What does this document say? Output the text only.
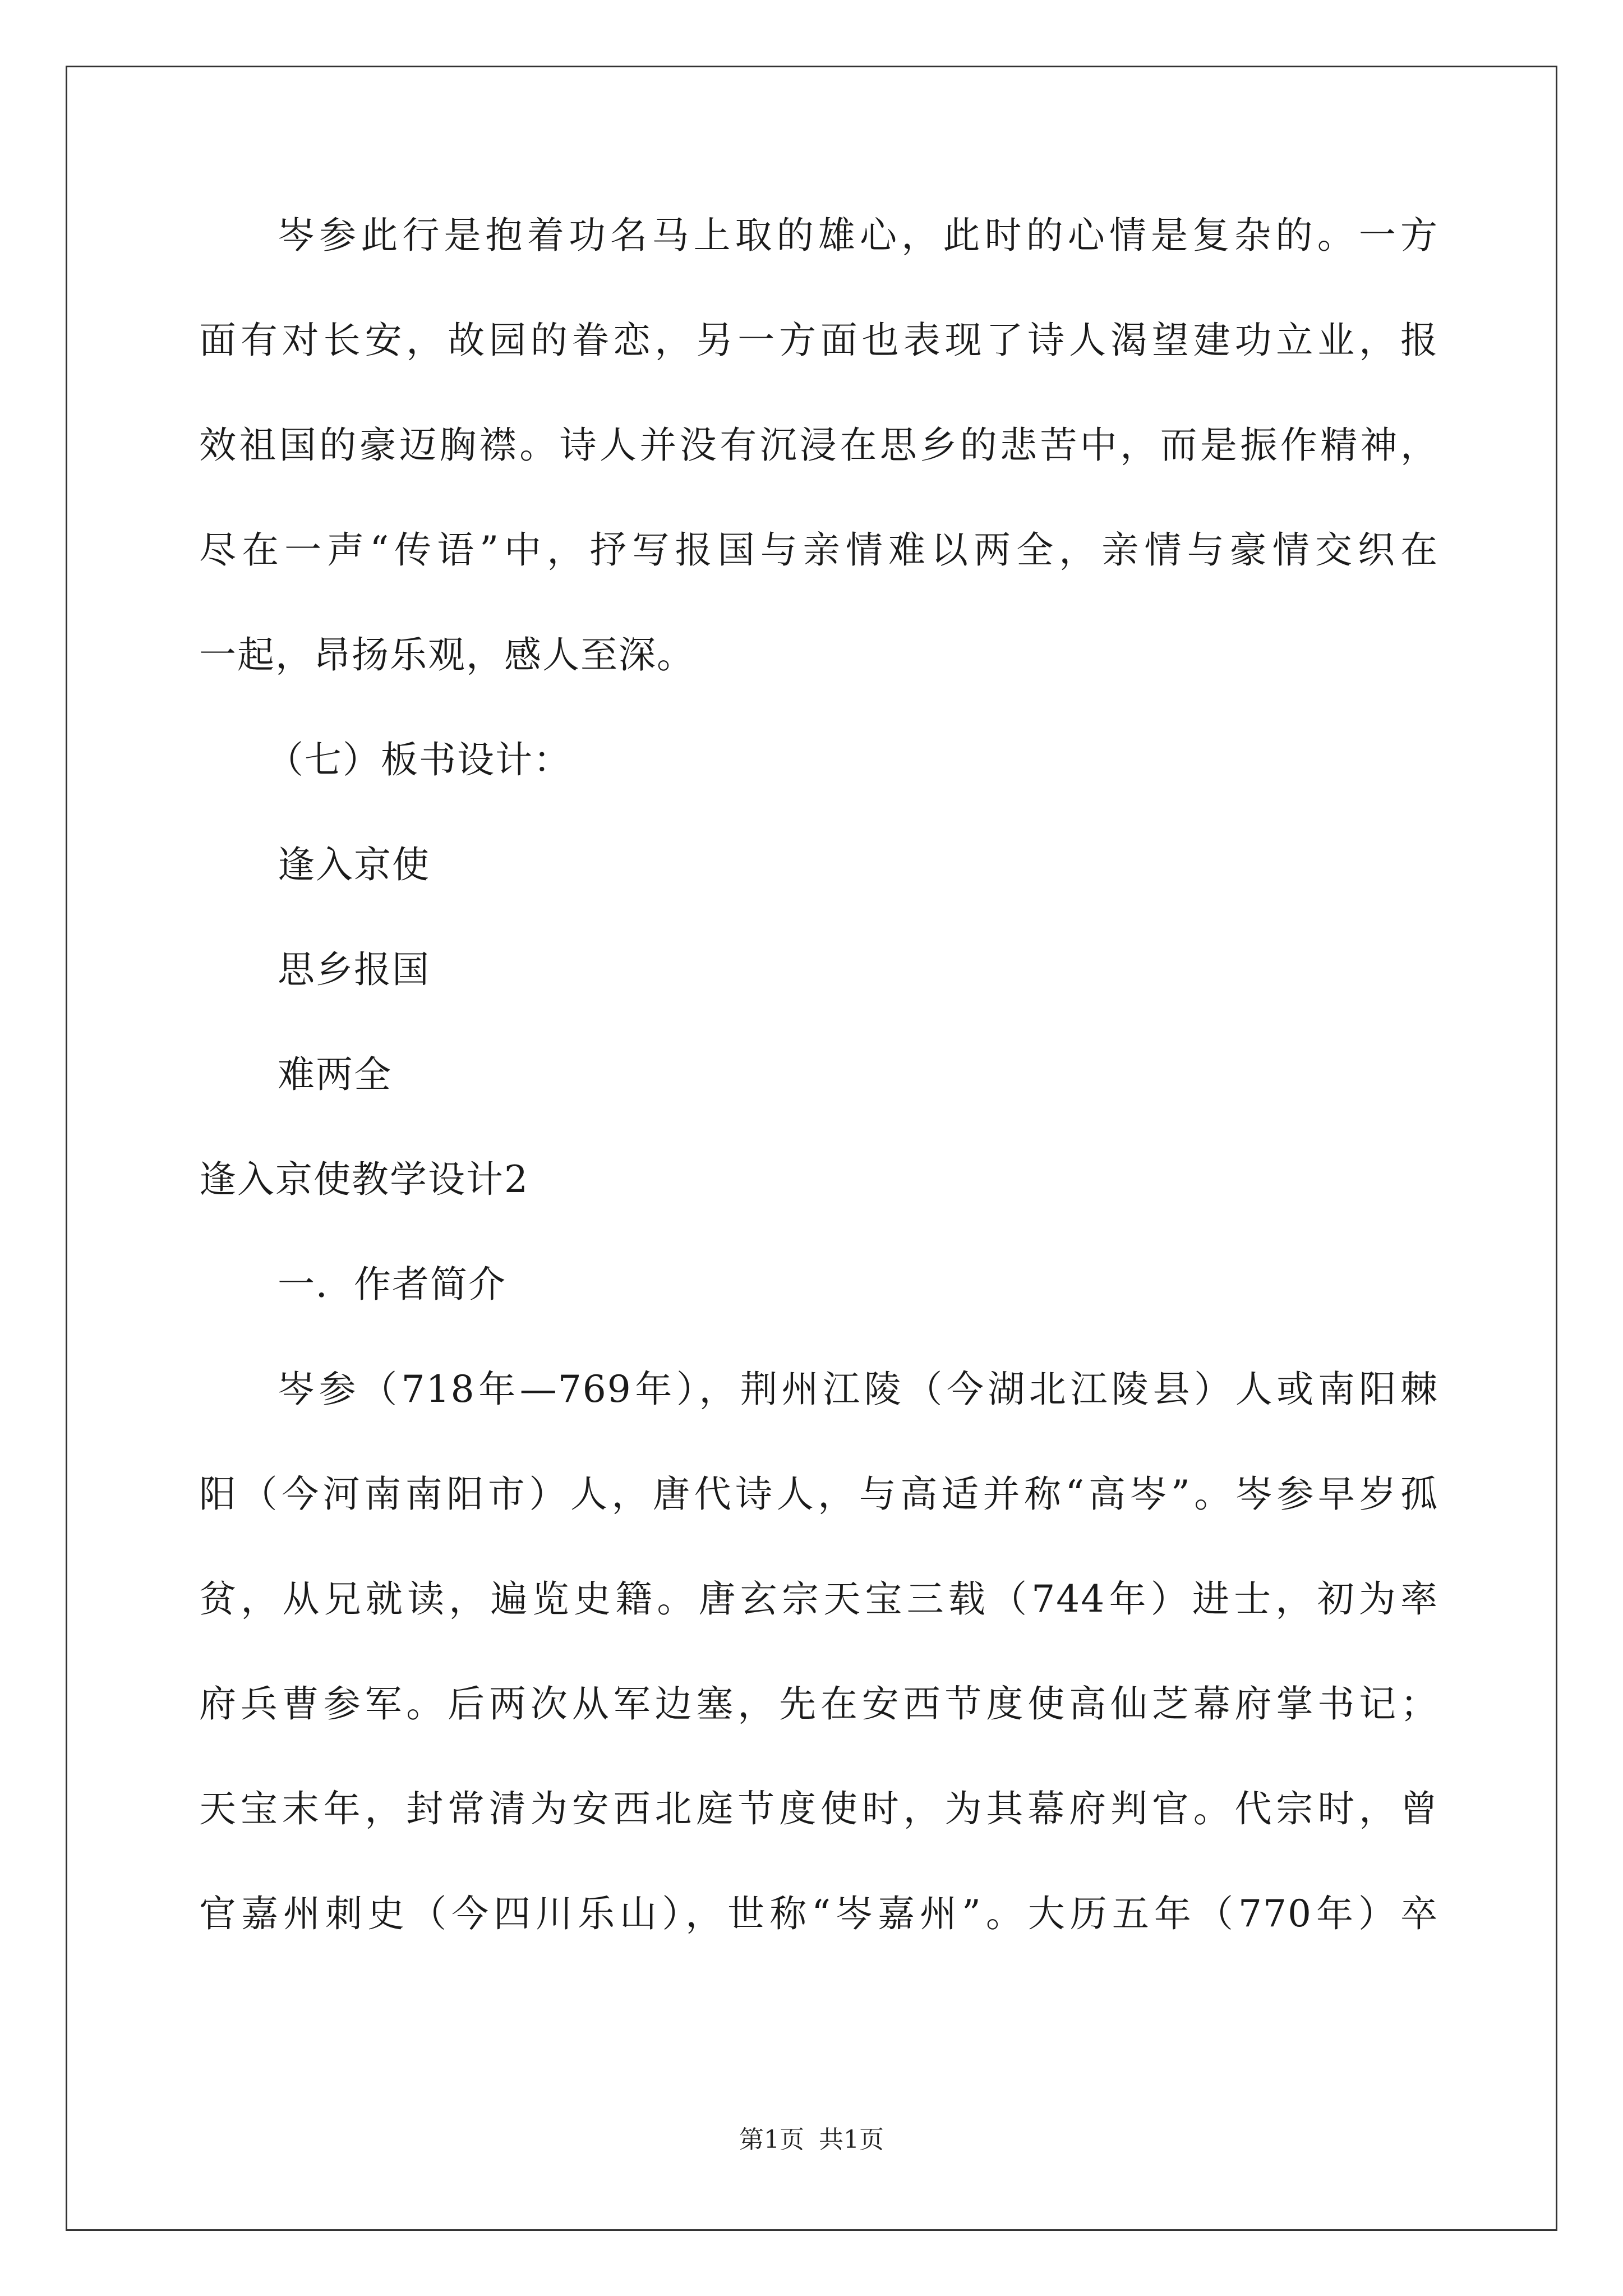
岑参此行是抱着功名马上取的雄心，此时的心情是复杂的。一方
面有对长安，故园的眷恋，另一方面也表现了诗人渴望建功立业，报
效祖国的豪迈胸襟。诗人并没有沉浸在思乡的悲苦中，而是振作精神，
尽在一声“传语”中，抒写报国与亲情难以两全，亲情与豪情交织在
一起，昂扬乐观，感人至深。
（七）板书设计：
逢入京使
思乡报国
难两全
逢入京使教学设计2
一．作者简介
岑参（718年—769年），荆州江陵（今湖北江陵县）人或南阳棘
阳（今河南南阳市）人，唐代诗人，与高适并称“高岑”。岑参早岁孤
贫，从兄就读，遍览史籍。唐玄宗天宝三载（744年）进士，初为率
府兵曹参军。后两次从军边塞，先在安西节度使高仙芝幕府掌书记；
天宝末年，封常清为安西北庭节度使时，为其幕府判官。代宗时，曾
官嘉州刺史（今四川乐山），世称“岑嘉州”。大历五年（770年）卒
第1页 共1页
